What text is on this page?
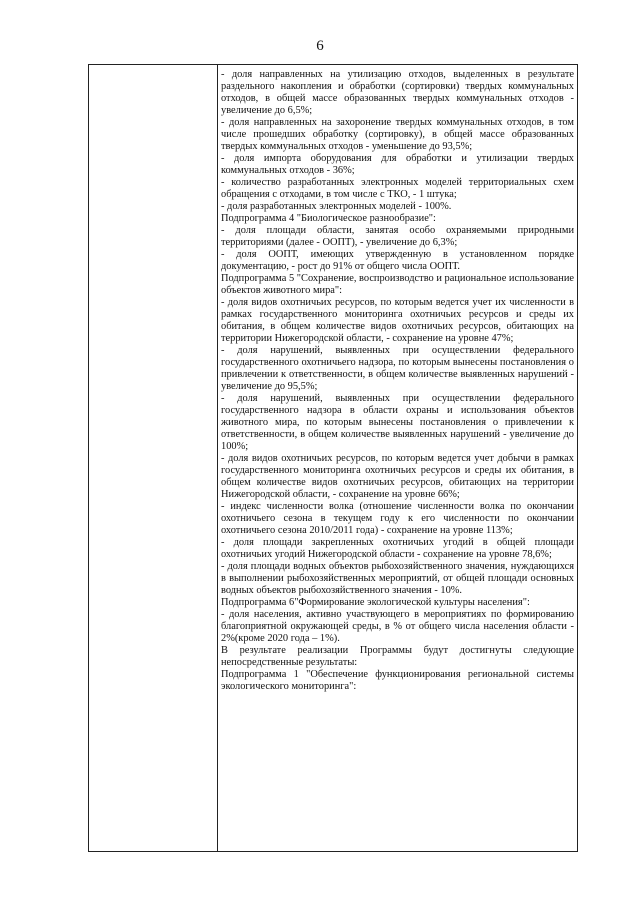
6

- доля направленных на утилизацию отходов, выделенных в результате раздельного накопления и обработки (сортировки) твердых коммунальных отходов, в общей массе образованных твердых коммунальных отходов - увеличение до 6,5%;

- доля направленных на захоронение твердых коммунальных отходов, в том числе прошедших обработку (сортировку), в общей массе образованных твердых коммунальных отходов - уменьшение до 93,5%;

- доля импорта оборудования для обработки и утилизации твердых коммунальных отходов - 36%;

- количество разработанных электронных моделей территориальных схем обращения с отходами, в том числе с ТКО, - 1 штука;

- доля разработанных электронных моделей - 100%.

Подпрограмма 4 "Биологическое разнообразие":

- доля площади области, занятая особо охраняемыми природными территориями (далее - ООПТ), - увеличение до 6,3%;

- доля ООПТ, имеющих утвержденную в установленном порядке документацию, - рост до 91% от общего числа ООПТ.

Подпрограмма 5 "Сохранение, воспроизводство и рациональное использование объектов животного мира":

- доля видов охотничьих ресурсов, по которым ведется учет их численности в рамках государственного мониторинга охотничьих ресурсов и среды их обитания, в общем количестве видов охотничьих ресурсов, обитающих на территории Нижегородской области, - сохранение на уровне 47%;

- доля нарушений, выявленных при осуществлении федерального государственного охотничьего надзора, по которым вынесены постановления о привлечении к ответственности, в общем количестве выявленных нарушений - увеличение до 95,5%;

- доля нарушений, выявленных при осуществлении федерального государственного надзора в области охраны и использования объектов животного мира, по которым вынесены постановления о привлечении к ответственности, в общем количестве выявленных нарушений - увеличение до 100%;

- доля видов охотничьих ресурсов, по которым ведется учет добычи в рамках государственного мониторинга охотничьих ресурсов и среды их обитания, в общем количестве видов охотничьих ресурсов, обитающих на территории Нижегородской области, - сохранение на уровне 66%;

- индекс численности волка (отношение численности волка по окончании охотничьего сезона в текущем году к его численности по окончании охотничьего сезона 2010/2011 года) - сохранение на уровне 113%;

- доля площади закрепленных охотничьих угодий в общей площади охотничьих угодий Нижегородской области - сохранение на уровне 78,6%;

- доля площади водных объектов рыбохозяйственного значения, нуждающихся в выполнении рыбохозяйственных мероприятий, от общей площади основных водных объектов рыбохозяйственного значения - 10%.

Подпрограмма 6"Формирование экологической культуры населения":

- доля населения, активно участвующего в мероприятиях по формированию благоприятной окружающей среды, в % от общего числа населения области - 2%(кроме 2020 года – 1%).

В результате реализации Программы будут достигнуты следующие непосредственные результаты:

Подпрограмма 1 "Обеспечение функционирования региональной системы экологического мониторинга":
